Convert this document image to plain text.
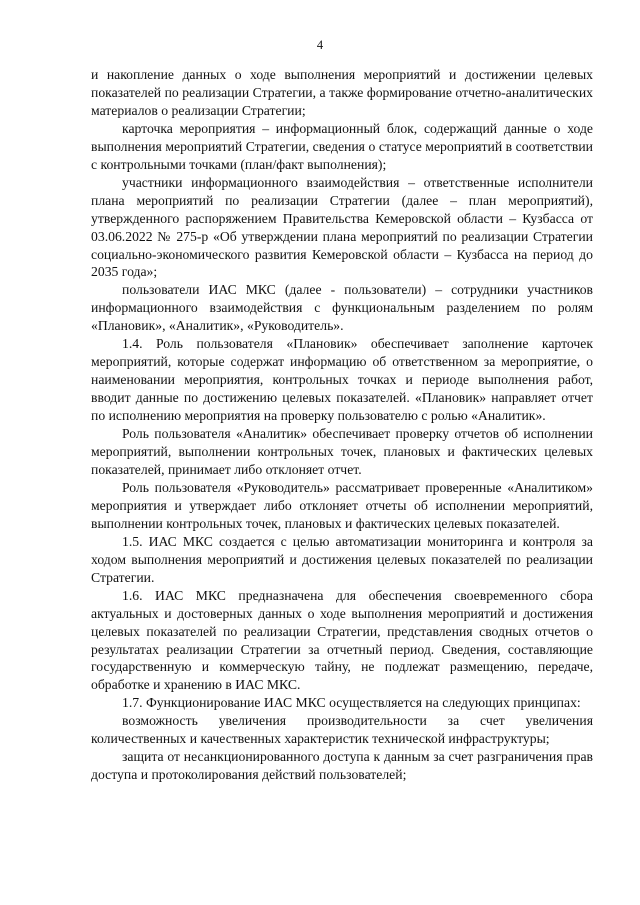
4

и накопление данных о ходе выполнения мероприятий и достижении целевых показателей по реализации Стратегии, а также формирование отчетно-аналитических материалов о реализации Стратегии;

карточка мероприятия – информационный блок, содержащий данные о ходе выполнения мероприятий Стратегии, сведения о статусе мероприятий в соответствии с контрольными точками (план/факт выполнения);

участники информационного взаимодействия – ответственные исполнители плана мероприятий по реализации Стратегии (далее – план мероприятий), утвержденного распоряжением Правительства Кемеровской области – Кузбасса от 03.06.2022 № 275-р «Об утверждении плана мероприятий по реализации Стратегии социально-экономического развития Кемеровской области – Кузбасса на период до 2035 года»;

пользователи ИАС МКС (далее - пользователи) – сотрудники участников информационного взаимодействия с функциональным разделением по ролям «Плановик», «Аналитик», «Руководитель».

1.4. Роль пользователя «Плановик» обеспечивает заполнение карточек мероприятий, которые содержат информацию об ответственном за мероприятие, о наименовании мероприятия, контрольных точках и периоде выполнения работ, вводит данные по достижению целевых показателей. «Плановик» направляет отчет по исполнению мероприятия на проверку пользователю с ролью «Аналитик».

Роль пользователя «Аналитик» обеспечивает проверку отчетов об исполнении мероприятий, выполнении контрольных точек, плановых и фактических целевых показателей, принимает либо отклоняет отчет.

Роль пользователя «Руководитель» рассматривает проверенные «Аналитиком» мероприятия и утверждает либо отклоняет отчеты об исполнении мероприятий, выполнении контрольных точек, плановых и фактических целевых показателей.

1.5. ИАС МКС создается с целью автоматизации мониторинга и контроля за ходом выполнения мероприятий и достижения целевых показателей по реализации Стратегии.

1.6. ИАС МКС предназначена для обеспечения своевременного сбора актуальных и достоверных данных о ходе выполнения мероприятий и достижения целевых показателей по реализации Стратегии, представления сводных отчетов о результатах реализации Стратегии за отчетный период. Сведения, составляющие государственную и коммерческую тайну, не подлежат размещению, передаче, обработке и хранению в ИАС МКС.

1.7. Функционирование ИАС МКС осуществляется на следующих принципах:

возможность увеличения производительности за счет увеличения количественных и качественных характеристик технической инфраструктуры;

защита от несанкционированного доступа к данным за счет разграничения прав доступа и протоколирования действий пользователей;
